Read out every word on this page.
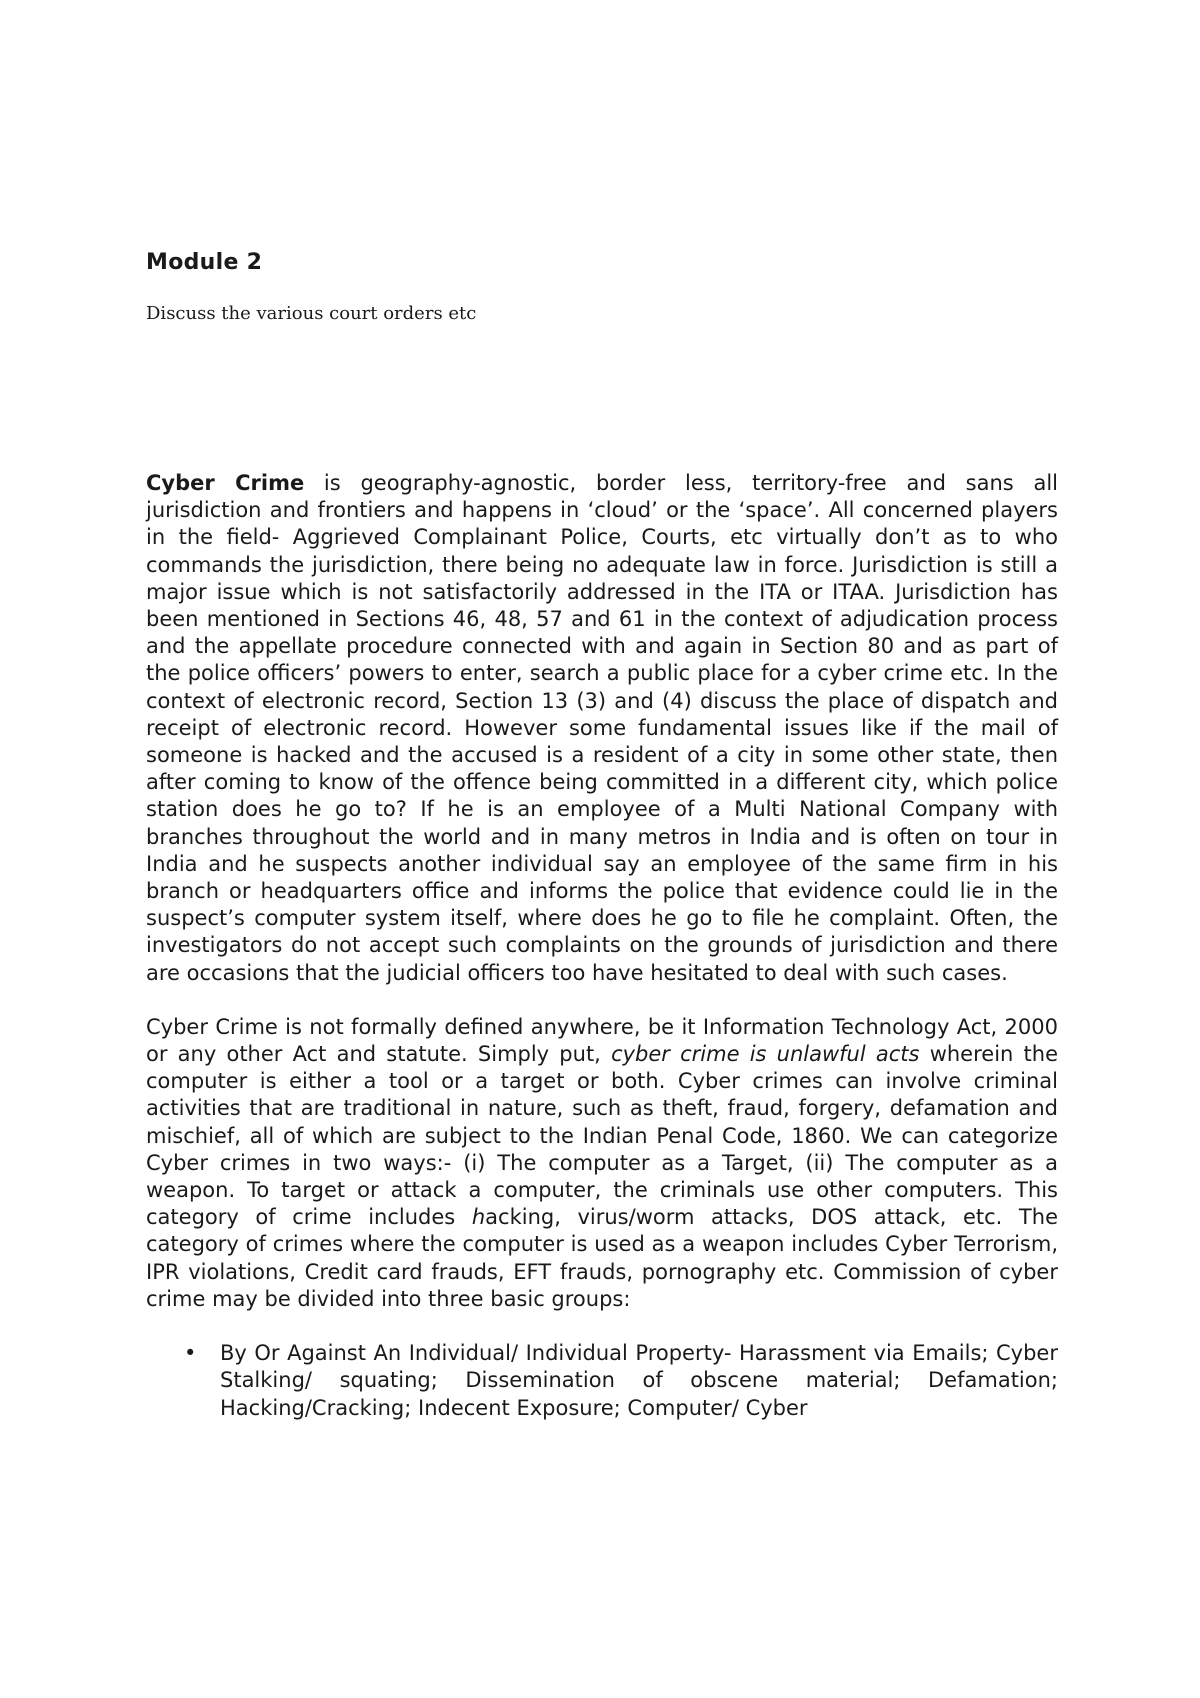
Module 2

Discuss the various court orders etc

Cyber Crime is geography-agnostic, border less, territory-free and sans all jurisdiction and frontiers and happens in ‘cloud’ or the ‘space’. All concerned players in the field- Aggrieved Complainant Police, Courts, etc virtually don’t as to who commands the jurisdiction, there being no adequate law in force. Jurisdiction is still a major issue which is not satisfactorily addressed in the ITA or ITAA. Jurisdiction has been mentioned in Sections 46, 48, 57 and 61 in the context of adjudication process and the appellate procedure connected with and again in Section 80 and as part of the police officers’ powers to enter, search a public place for a cyber crime etc. In the context of electronic record, Section 13 (3) and (4) discuss the place of dispatch and receipt of electronic record. However some fundamental issues like if the mail of someone is hacked and the accused is a resident of a city in some other state, then after coming to know of the offence being committed in a different city, which police station does he go to? If he is an employee of a Multi National Company with branches throughout the world and in many metros in India and is often on tour in India and he suspects another individual say an employee of the same firm in his branch or headquarters office and informs the police that evidence could lie in the suspect’s computer system itself, where does he go to file he complaint. Often, the investigators do not accept such complaints on the grounds of jurisdiction and there are occasions that the judicial officers too have hesitated to deal with such cases.

Cyber Crime is not formally defined anywhere, be it Information Technology Act, 2000 or any other Act and statute. Simply put, cyber crime is unlawful acts wherein the computer is either a tool or a target or both. Cyber crimes can involve criminal activities that are traditional in nature, such as theft, fraud, forgery, defamation and mischief, all of which are subject to the Indian Penal Code, 1860. We can categorize Cyber crimes in two ways:- (i) The computer as a Target, (ii) The computer as a weapon. To target or attack a computer, the criminals use other computers. This category of crime includes hacking, virus/worm attacks, DOS attack, etc. The category of crimes where the computer is used as a weapon includes Cyber Terrorism, IPR violations, Credit card frauds, EFT frauds, pornography etc. Commission of cyber crime may be divided into three basic groups:

• By Or Against An Individual/ Individual Property- Harassment via Emails; Cyber Stalking/ squating; Dissemination of obscene material; Defamation; Hacking/Cracking; Indecent Exposure; Computer/ Cyber
